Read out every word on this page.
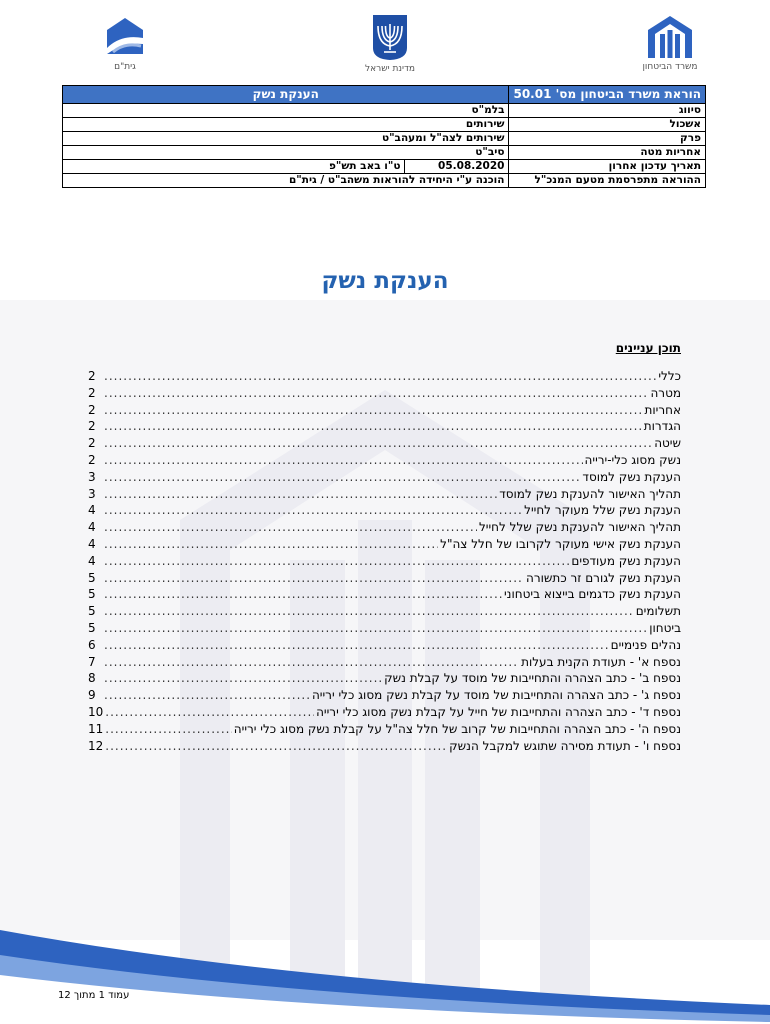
גית"ם	מדינת ישראל	משרד הביטחון
הוראת משרד הביטחון מס' 50.01	הענקת נשק	
סיווג	בלמ"ס	
אשכול	שירותים	
פרק	שירותים לצה"ל ומעהב"ט	
אחריות מטה	סיב"ט	
תאריך עדכון אחרון	05.08.2020	ט"ו באב תש"פ
ההוראה מתפרסמת מטעם המנכ"ל	הוכנה ע"י היחידה להוראות משהב"ט / גית"ם	
הענקת נשק
תוכן עניינים
כללי
.....
2
מטרה
.....
2
אחריות
.....
2
הגדרות
.....
2
שיטה
.....
2
נשק מסוג כלי-ירייה
.....
2
הענקת נשק למוסד
.....
3
תהליך האישור להענקת נשק למוסד
.....
3
הענקת נשק שלל מעוקר לחייל
.....
4
תהליך האישור להענקת נשק שלל לחייל
.....
4
הענקת נשק אישי מעוקר לקרובו של חלל צה"ל
.....
4
הענקת נשק מעודפים
.....
4
הענקת נשק לגורם זר כתשורה
.....
5
הענקת נשק כדגמים בייצוא ביטחוני
.....
5
תשלומים
.....
5
ביטחון
.....
5
נהלים פנימיים
.....
6
נספח א' - תעודת הקנית בעלות
.....
7
נספח ב' - כתב הצהרה והתחייבות של מוסד על קבלת נשק
.....
8
נספח ג' - כתב הצהרה והתחייבות של מוסד על קבלת נשק מסוג כלי ירייה
.....
9
נספח ד' - כתב הצהרה והתחייבות של חייל על קבלת נשק מסוג כלי ירייה
.....
10
נספח ה' - כתב הצהרה והתחייבות של קרוב של חלל צה"ל על קבלת נשק מסוג כלי ירייה
.....
11
נספח ו' - תעודת מסירה שתוגש למקבל הנשק
.....
12
עמוד 1 מתוך 12
